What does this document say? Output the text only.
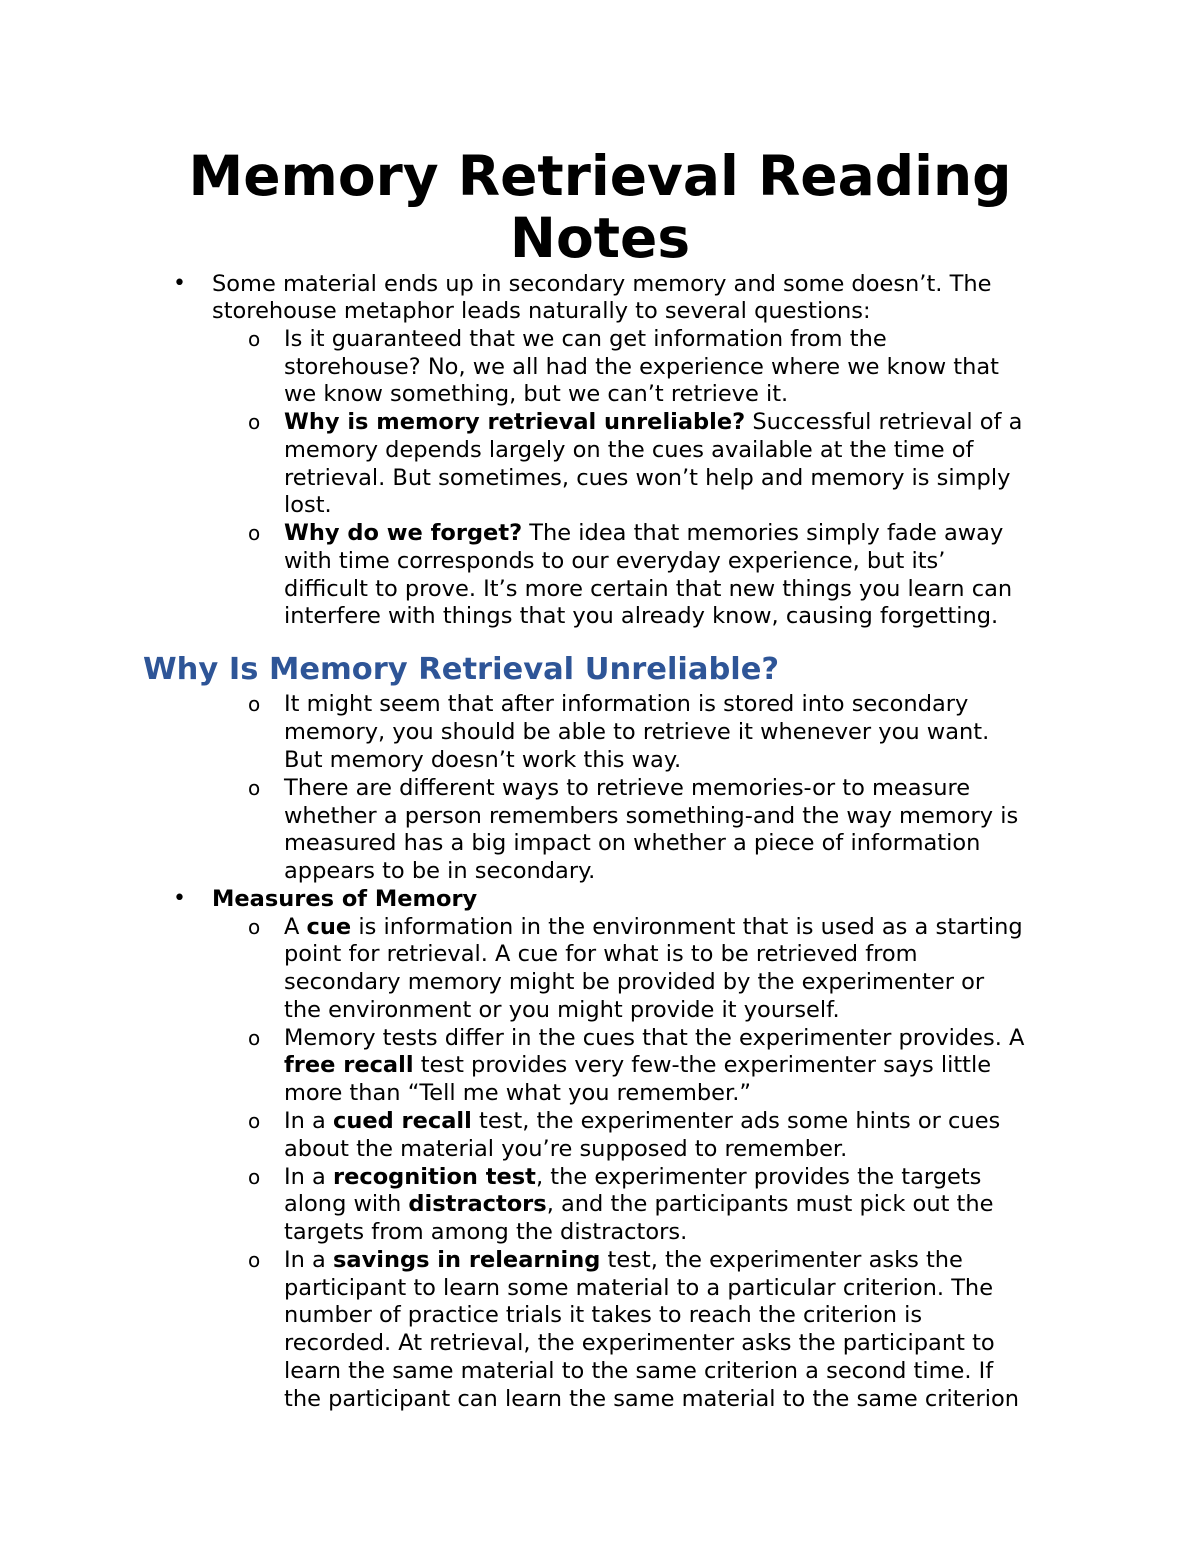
Memory Retrieval Reading
Notes
• Some material ends up in secondary memory and some doesn’t. The

storehouse metaphor leads naturally to several questions:

o Is it guaranteed that we can get information from the

storehouse? No, we all had the experience where we know that

we know something, but we can’t retrieve it.

o Why is memory retrieval unreliable? Successful retrieval of a

memory depends largely on the cues available at the time of

retrieval. But sometimes, cues won’t help and memory is simply

lost.

o Why do we forget? The idea that memories simply fade away

with time corresponds to our everyday experience, but its’

difficult to prove. It’s more certain that new things you learn can

interfere with things that you already know, causing forgetting.

Why Is Memory Retrieval Unreliable?
o It might seem that after information is stored into secondary

memory, you should be able to retrieve it whenever you want.

But memory doesn’t work this way.

o There are different ways to retrieve memories-or to measure

whether a person remembers something-and the way memory is

measured has a big impact on whether a piece of information

appears to be in secondary.

• Measures of Memory

o A cue is information in the environment that is used as a starting

point for retrieval. A cue for what is to be retrieved from

secondary memory might be provided by the experimenter or

the environment or you might provide it yourself.

o Memory tests differ in the cues that the experimenter provides. A

free recall test provides very few-the experimenter says little

more than “Tell me what you remember.”

o In a cued recall test, the experimenter ads some hints or cues

about the material you’re supposed to remember.

o In a recognition test, the experimenter provides the targets

along with distractors, and the participants must pick out the

targets from among the distractors.

o In a savings in relearning test, the experimenter asks the

participant to learn some material to a particular criterion. The

number of practice trials it takes to reach the criterion is

recorded. At retrieval, the experimenter asks the participant to

learn the same material to the same criterion a second time. If

the participant can learn the same material to the same criterion
